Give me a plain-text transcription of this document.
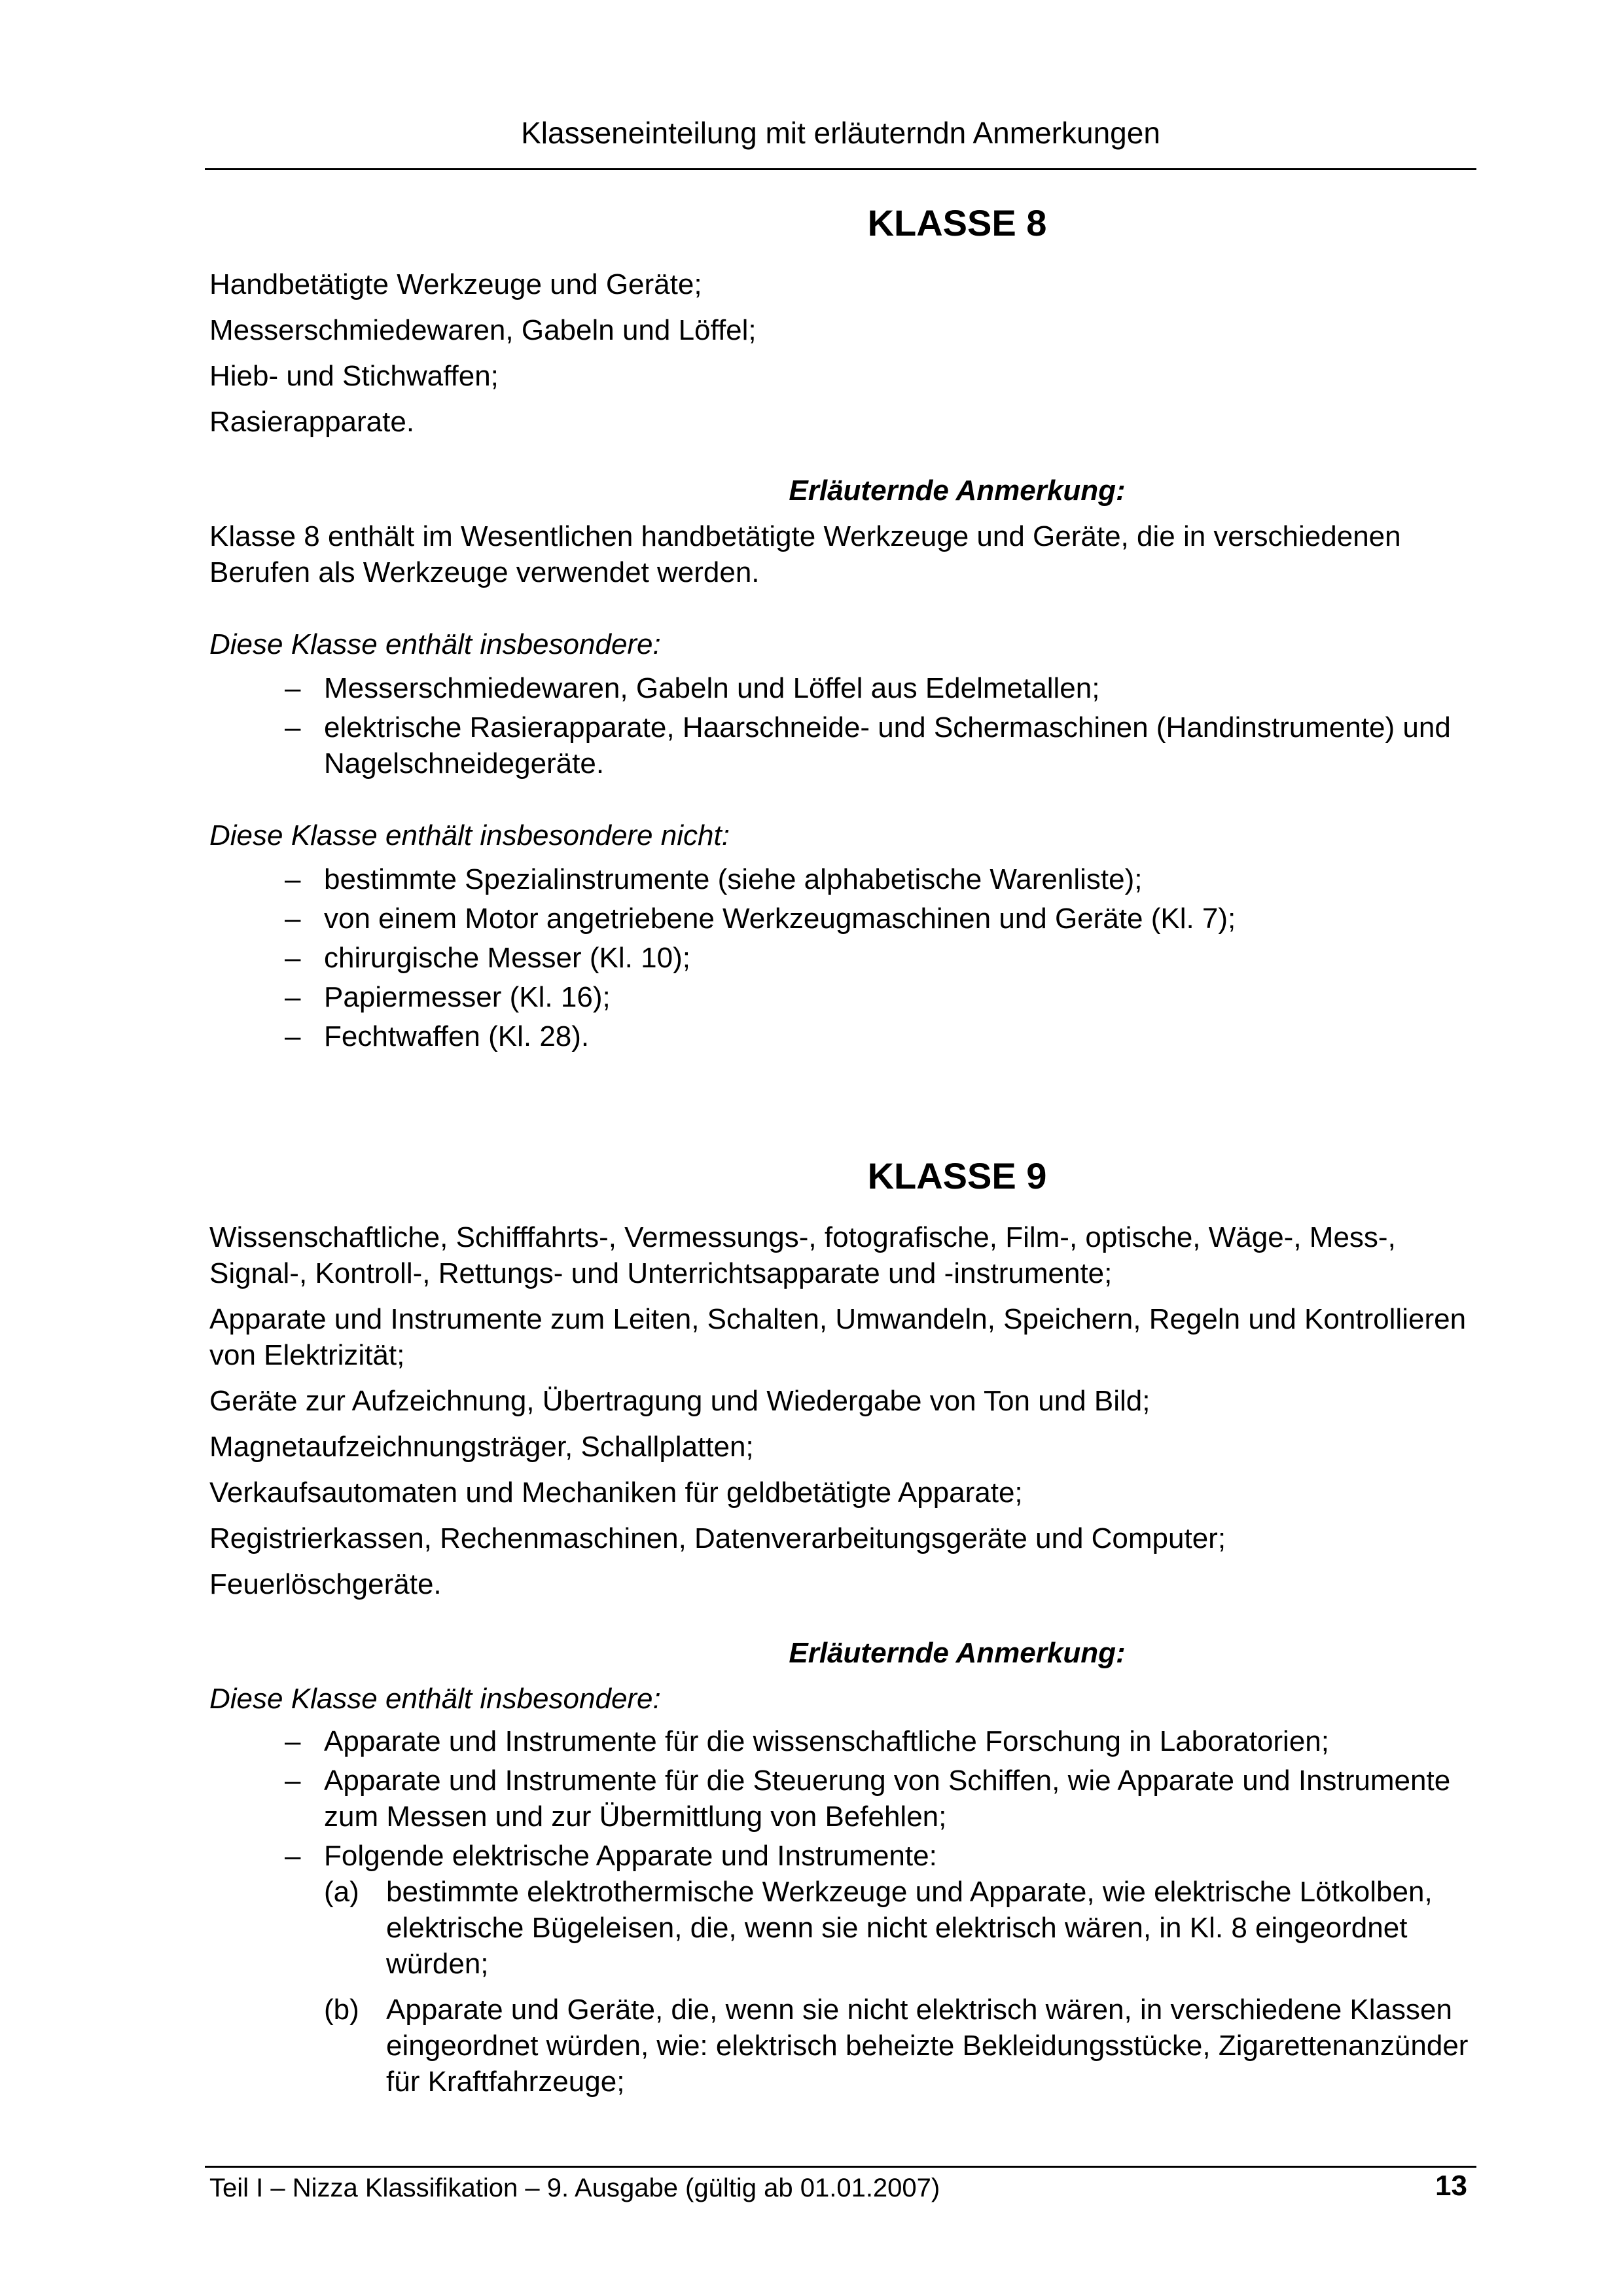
Klasseneinteilung mit erläuterndn Anmerkungen
KLASSE 8
Handbetätigte Werkzeuge und Geräte;
Messerschmiedewaren, Gabeln und Löffel;
Hieb- und Stichwaffen;
Rasierapparate.
Erläuternde Anmerkung:
Klasse 8 enthält im Wesentlichen handbetätigte Werkzeuge und Geräte, die in verschiedenen Berufen als Werkzeuge verwendet werden.
Diese Klasse enthält insbesondere:
– Messerschmiedewaren, Gabeln und Löffel aus Edelmetallen;
– elektrische Rasierapparate, Haarschneide- und Schermaschinen (Handinstrumente) und Nagelschneidegeräte.
Diese Klasse enthält insbesondere nicht:
– bestimmte Spezialinstrumente (siehe alphabetische Warenliste);
– von einem Motor angetriebene Werkzeugmaschinen und Geräte (Kl. 7);
– chirurgische Messer (Kl. 10);
– Papiermesser (Kl. 16);
– Fechtwaffen (Kl. 28).
KLASSE 9
Wissenschaftliche, Schifffahrts-, Vermessungs-, fotografische, Film-, optische, Wäge-, Mess-, Signal-, Kontroll-, Rettungs- und Unterrichtsapparate und -instrumente;
Apparate und Instrumente zum Leiten, Schalten, Umwandeln, Speichern, Regeln und Kontrollieren von Elektrizität;
Geräte zur Aufzeichnung, Übertragung und Wiedergabe von Ton und Bild;
Magnetaufzeichnungsträger, Schallplatten;
Verkaufsautomaten und Mechaniken für geldbetätigte Apparate;
Registrierkassen, Rechenmaschinen, Datenverarbeitungsgeräte und Computer;
Feuerlöschgeräte.
Erläuternde Anmerkung:
Diese Klasse enthält insbesondere:
– Apparate und Instrumente für die wissenschaftliche Forschung in Laboratorien;
– Apparate und Instrumente für die Steuerung von Schiffen, wie Apparate und Instrumente zum Messen und zur Übermittlung von Befehlen;
– Folgende elektrische Apparate und Instrumente:
(a) bestimmte elektrothermische Werkzeuge und Apparate, wie elektrische Lötkolben, elektrische Bügeleisen, die, wenn sie nicht elektrisch wären, in Kl. 8 eingeordnet würden;
(b) Apparate und Geräte, die, wenn sie nicht elektrisch wären, in verschiedene Klassen eingeordnet würden, wie: elektrisch beheizte Bekleidungsstücke, Zigarettenanzünder für Kraftfahrzeuge;
Teil I – Nizza Klassifikation – 9. Ausgabe (gültig ab 01.01.2007)	13
